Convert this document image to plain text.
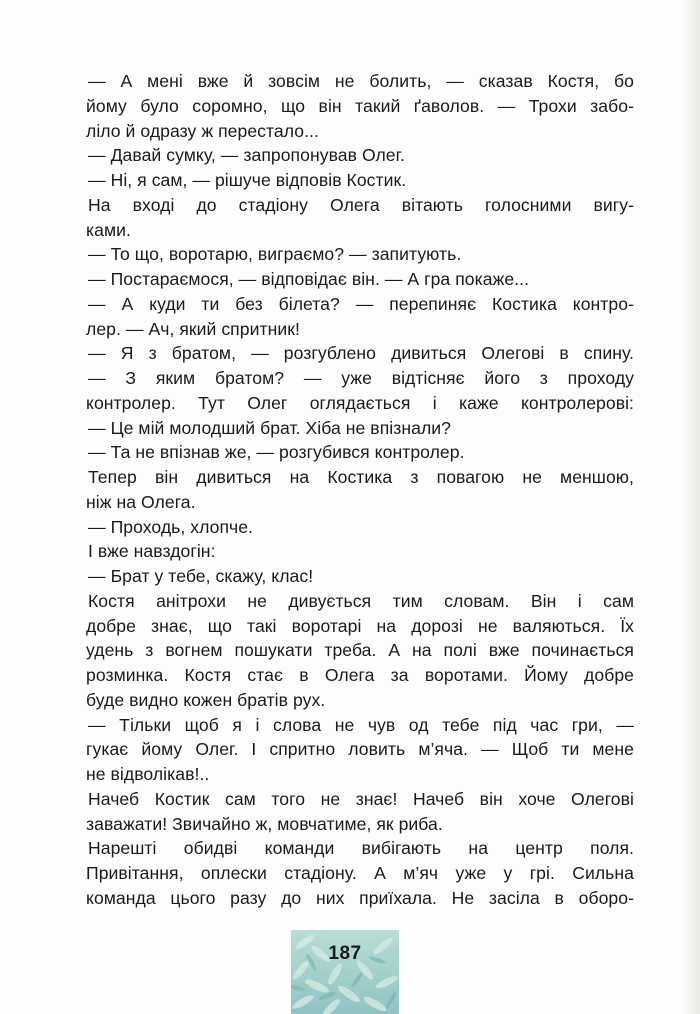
— А мені вже й зовсім не болить, — сказав Костя, бо
йому було соромно, що він такий ґаволов. — Трохи забо-
ліло й одразу ж перестало...
— Давай сумку, — запропонував Олег.
— Ні, я сам, — рішуче відповів Костик.
На вході до стадіону Олега вітають голосними вигу-
ками.
— То що, воротарю, виграємо? — запитують.
— Постараємося, — відповідає він. — А гра покаже...
— А куди ти без білета? — перепиняє Костика контро-
лер. — Ач, який спритник!
— Я з братом, — розгублено дивиться Олегові в спину.
— З яким братом? — уже відтісняє його з проходу
контролер. Тут Олег оглядається і каже контролерові:
— Це мій молодший брат. Хіба не впізнали?
— Та не впізнав же, — розгубився контролер.
Тепер він дивиться на Костика з повагою не меншою,
ніж на Олега.
— Проходь, хлопче.
І вже навздогін:
— Брат у тебе, скажу, клас!
Костя анітрохи не дивується тим словам. Він і сам
добре знає, що такі воротарі на дорозі не валяються. Їх
удень з вогнем пошукати треба. А на полі вже починається
розминка. Костя стає в Олега за воротами. Йому добре
буде видно кожен братів рух.
— Тільки щоб я і слова не чув од тебе під час гри, —
гукає йому Олег. І спритно ловить м’яча. — Щоб ти мене
не відволікав!..
Начеб Костик сам того не знає! Начеб він хоче Олегові
заважати! Звичайно ж, мовчатиме, як риба.
Нарешті обидві команди вибігають на центр поля.
Привітання, оплески стадіону. А м’яч уже у грі. Сильна
команда цього разу до них приїхала. Не засіла в оборо-
187
